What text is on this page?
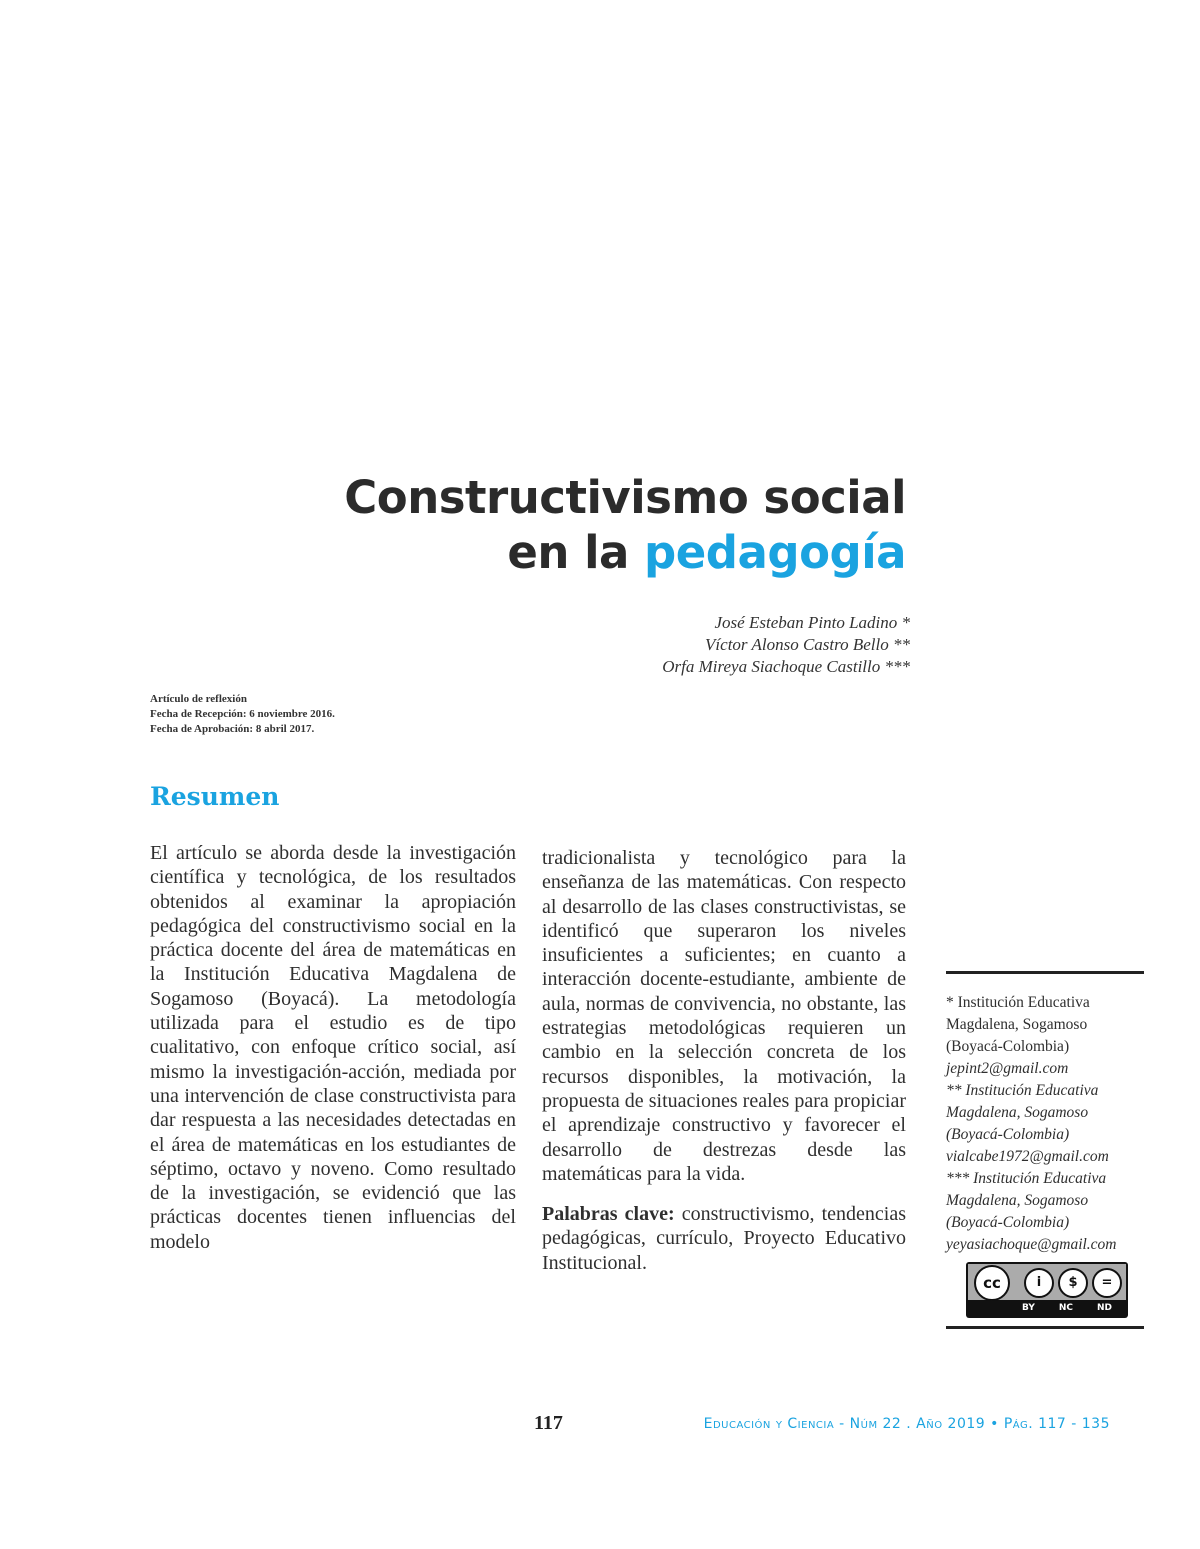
Constructivismo social
en la pedagogía
José Esteban Pinto Ladino *
Víctor Alonso Castro Bello **
Orfa Mireya Siachoque Castillo ***
Artículo de reflexión
Fecha de Recepción: 6 noviembre 2016.
Fecha de Aprobación: 8 abril 2017.
Resumen

El artículo se aborda desde la investigación científica y tecnológica, de los resultados obtenidos al examinar la apropiación pedagógica del constructivismo social en la práctica docente del área de matemáticas en la Institución Educativa Magdalena de Sogamoso (Boyacá). La metodología utilizada para el estudio es de tipo cualitativo, con enfoque crítico social, así mismo la investigación-acción, mediada por una intervención de clase constructivista para dar respuesta a las necesidades detectadas en el área de matemáticas en los estudiantes de séptimo, octavo y noveno. Como resultado de la investigación, se evidenció que las prácticas docentes tienen influencias del modelo

tradicionalista y tecnológico para la enseñanza de las matemáticas. Con respecto al desarrollo de las clases constructivistas, se identificó que superaron los niveles insuficientes a suficientes; en cuanto a interacción docente-estudiante, ambiente de aula, normas de convivencia, no obstante, las estrategias metodológicas requieren un cambio en la selección concreta de los recursos disponibles, la motivación, la propuesta de situaciones reales para propiciar el aprendizaje constructivo y favorecer el desarrollo de destrezas desde las matemáticas para la vida.

Palabras clave: constructivismo, tendencias pedagógicas, currículo, Proyecto Educativo Institucional.

* Institución Educativa
Magdalena, Sogamoso
(Boyacá-Colombia)
jepint2@gmail.com
** Institución Educativa
Magdalena, Sogamoso
(Boyacá-Colombia)
vialcabe1972@gmail.com
*** Institución Educativa
Magdalena, Sogamoso
(Boyacá-Colombia)
yeyasiachoque@gmail.com
cc	i	$	=
BY	NC	ND
117	Educación y Ciencia - Núm 22 . Año 2019 • Pág. 117 - 135
